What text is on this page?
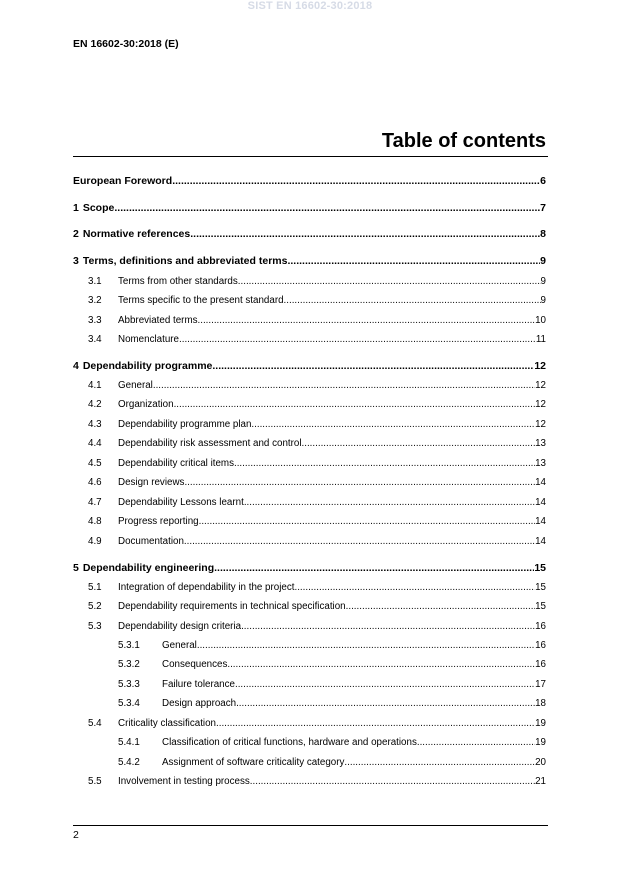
SIST EN 16602-30:2018
EN 16602-30:2018 (E)
Table of contents
European Foreword .....	6
1 Scope .....	7
2 Normative references .....	8
3 Terms, definitions and abbreviated terms .....	9
3.1	Terms from other standards .....	9
3.2	Terms specific to the present standard .....	9
3.3	Abbreviated terms .....	10
3.4	Nomenclature .....	11
4 Dependability programme .....	12
4.1	General .....	12
4.2	Organization .....	12
4.3	Dependability programme plan .....	12
4.4	Dependability risk assessment and control .....	13
4.5	Dependability critical items .....	13
4.6	Design reviews .....	14
4.7	Dependability Lessons learnt .....	14
4.8	Progress reporting .....	14
4.9	Documentation .....	14
5 Dependability engineering .....	15
5.1	Integration of dependability in the project .....	15
5.2	Dependability requirements in technical specification .....	15
5.3	Dependability design criteria .....	16
5.3.1	General .....	16
5.3.2	Consequences .....	16
5.3.3	Failure tolerance .....	17
5.3.4	Design approach .....	18
5.4	Criticality classification .....	19
5.4.1	Classification of critical functions, hardware and operations .....	19
5.4.2	Assignment of software criticality category .....	20
5.5	Involvement in testing process .....	21
2
